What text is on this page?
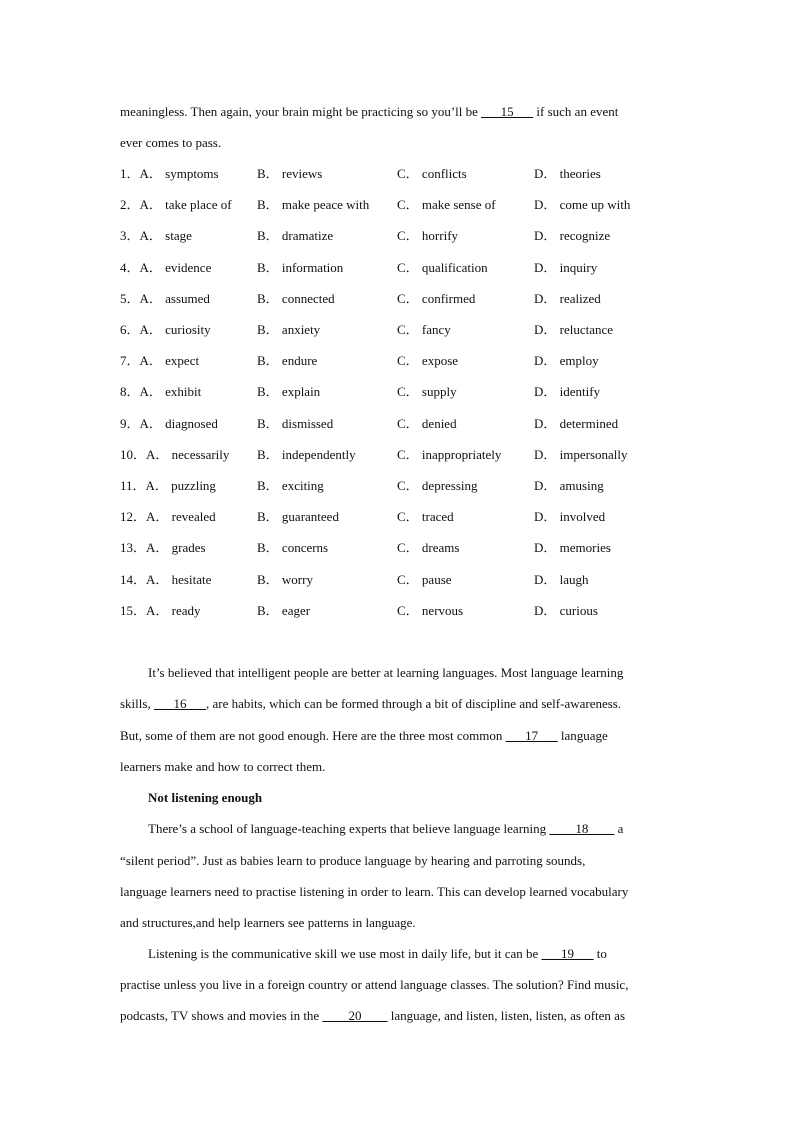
meaningless. Then again, your brain might be practicing so you’ll be ___15___ if such an event
ever comes to pass.
1．A． symptoms	B． reviews	C． conflicts	D． theories
2．A． take place of B． make peace with C． make sense of	D． come up with
3．A． stage	B． dramatize	C． horrify	D． recognize
4．A． evidence	B． information	C． qualification	D． inquiry
5．A． assumed	B． connected	C． confirmed	D． realized
6．A． curiosity	B． anxiety	C． fancy	D． reluctance
7．A． expect	B． endure	C． expose	D． employ
8．A． exhibit	B． explain	C． supply	D． identify
9．A． diagnosed	B． dismissed	C． denied	D． determined
10．A． necessarily B． independently	C． inappropriately	D． impersonally
11．A． puzzling	B． exciting	C． depressing	D． amusing
12．A． revealed	B． guaranteed	C． traced	D． involved
13．A． grades	B． concerns	C． dreams	D． memories
14．A． hesitate	B． worry	C． pause	D． laugh
15．A． ready	B． eager	C． nervous	D． curious
It’s believed that intelligent people are better at learning languages. Most language learning
skills, ___16___, are habits, which can be formed through a bit of discipline and self-awareness.
But, some of them are not good enough. Here are the three most common ___17___ language
learners make and how to correct them.
Not listening enough
There’s a school of language-teaching experts that believe language learning ____18____ a
“silent period”. Just as babies learn to produce language by hearing and parroting sounds,
language learners need to practise listening in order to learn. This can develop learned vocabulary
and structures,and help learners see patterns in language.
Listening is the communicative skill we use most in daily life, but it can be ___19___ to
practise unless you live in a foreign country or attend language classes. The solution? Find music,
podcasts, TV shows and movies in the ____20____ language, and listen, listen, listen, as often as
